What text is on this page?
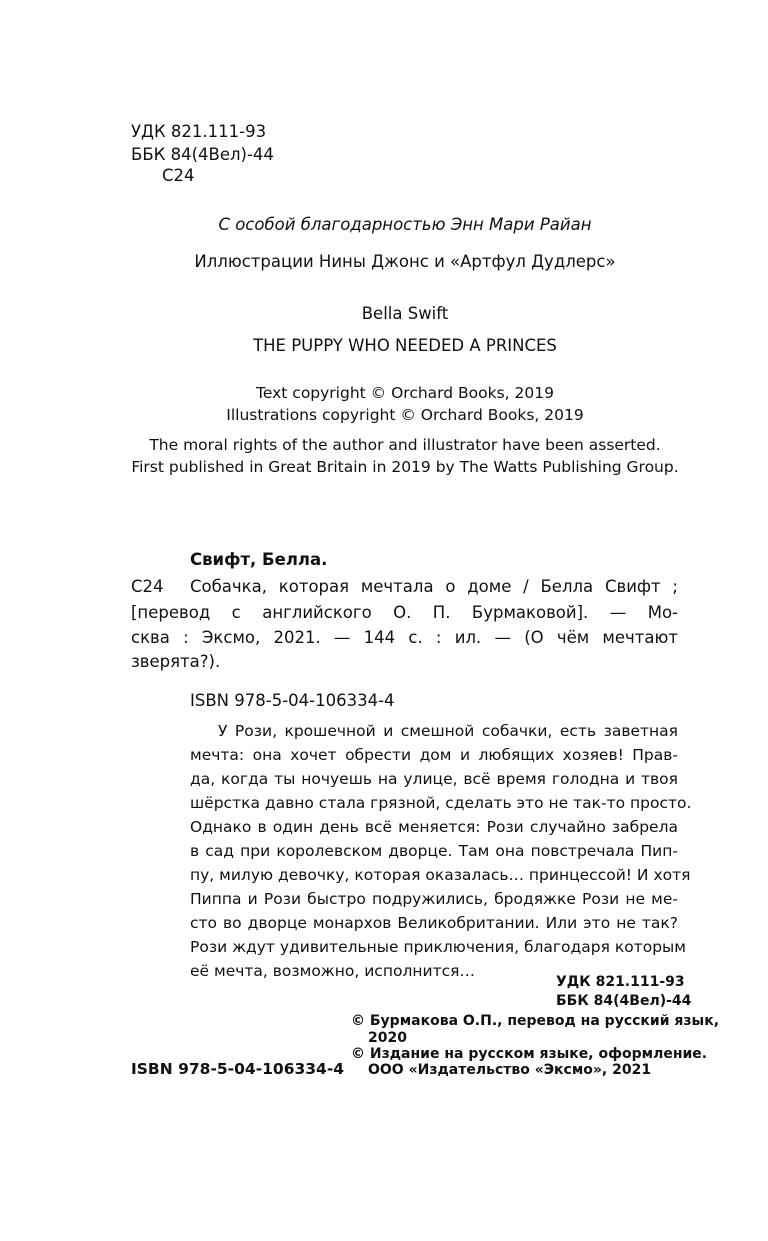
УДК 821.111-93
ББК 84(4Вел)-44
С24
С особой благодарностью Энн Мари Райан
Иллюстрации Нины Джонс и «Артфул Дудлерс»
Bella Swift
THE PUPPY WHO NEEDED A PRINCES
Text copyright © Orchard Books, 2019
Illustrations copyright © Orchard Books, 2019
The moral rights of the author and illustrator have been asserted.
First published in Great Britain in 2019 by The Watts Publishing Group.
Свифт, Белла.
С24 Собачка, которая мечтала о доме / Белла Свифт ;
[перевод с английского О. П. Бурмаковой]. — Мо-
сква : Эксмо, 2021. — 144 с. : ил. — (О чём мечтают
зверята?).
ISBN 978-5-04-106334-4
У Рози, крошечной и смешной собачки, есть заветная
мечта: она хочет обрести дом и любящих хозяев! Прав-
да, когда ты ночуешь на улице, всё время голодна и твоя
шёрстка давно стала грязной, сделать это не так-то просто.
Однако в один день всё меняется: Рози случайно забрела
в сад при королевском дворце. Там она повстречала Пип-
пу, милую девочку, которая оказалась… принцессой! И хотя
Пиппа и Рози быстро подружились, бродяжке Рози не ме-
сто во дворце монархов Великобритании. Или это не так?
Рози ждут удивительные приключения, благодаря которым
её мечта, возможно, исполнится…
УДК 821.111-93
ББК 84(4Вел)-44
© Бурмакова О.П., перевод на русский язык,
2020
© Издание на русском языке, оформление.
ООО «Издательство «Эксмо», 2021
ISBN 978-5-04-106334-4
